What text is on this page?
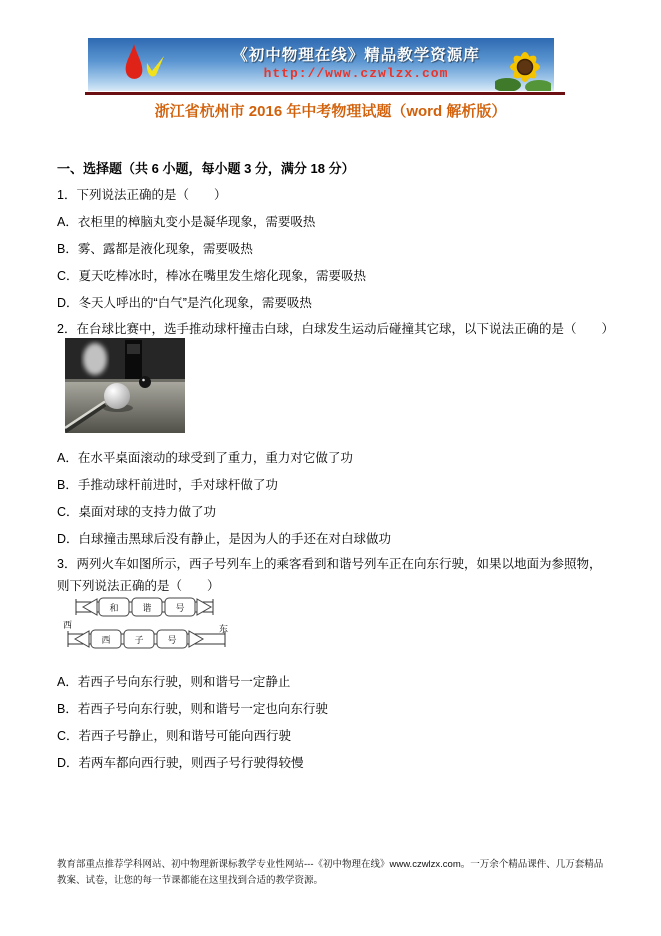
《初中物理在线》精品教学资源库
http://www.czwlzx.com
浙江省杭州市 2016 年中考物理试题（word 解析版）

一、选择题（共 6 小题，每小题 3 分，满分 18 分）

1．下列说法正确的是（　　）

A．衣柜里的樟脑丸变小是凝华现象，需要吸热

B．雾、露都是液化现象，需要吸热

C．夏天吃棒冰时，棒冰在嘴里发生熔化现象，需要吸热

D．冬天人呼出的“白气”是汽化现象，需要吸热

2．在台球比赛中，选手推动球杆撞击白球，白球发生运动后碰撞其它球，以下说法正确的是（　　）

A．在水平桌面滚动的球受到了重力，重力对它做了功

B．手推动球杆前进时，手对球杆做了功

C．桌面对球的支持力做了功

D．白球撞击黑球后没有静止，是因为人的手还在对白球做功

3．两列火车如图所示，西子号列车上的乘客看到和谐号列车正在向东行驶，如果以地面为参照物，则下列说法正确的是（　　）

和	谐	号
西	子	号
西	东

A．若西子号向东行驶，则和谐号一定静止

B．若西子号向东行驶，则和谐号一定也向东行驶

C．若西子号静止，则和谐号可能向西行驶

D．若两车都向西行驶，则西子号行驶得较慢

教育部重点推荐学科网站、初中物理新课标教学专业性网站---《初中物理在线》www.czwlzx.com。一万余个精品课件、几万套精品教案、试卷，让您的每一节课都能在这里找到合适的教学资源。
